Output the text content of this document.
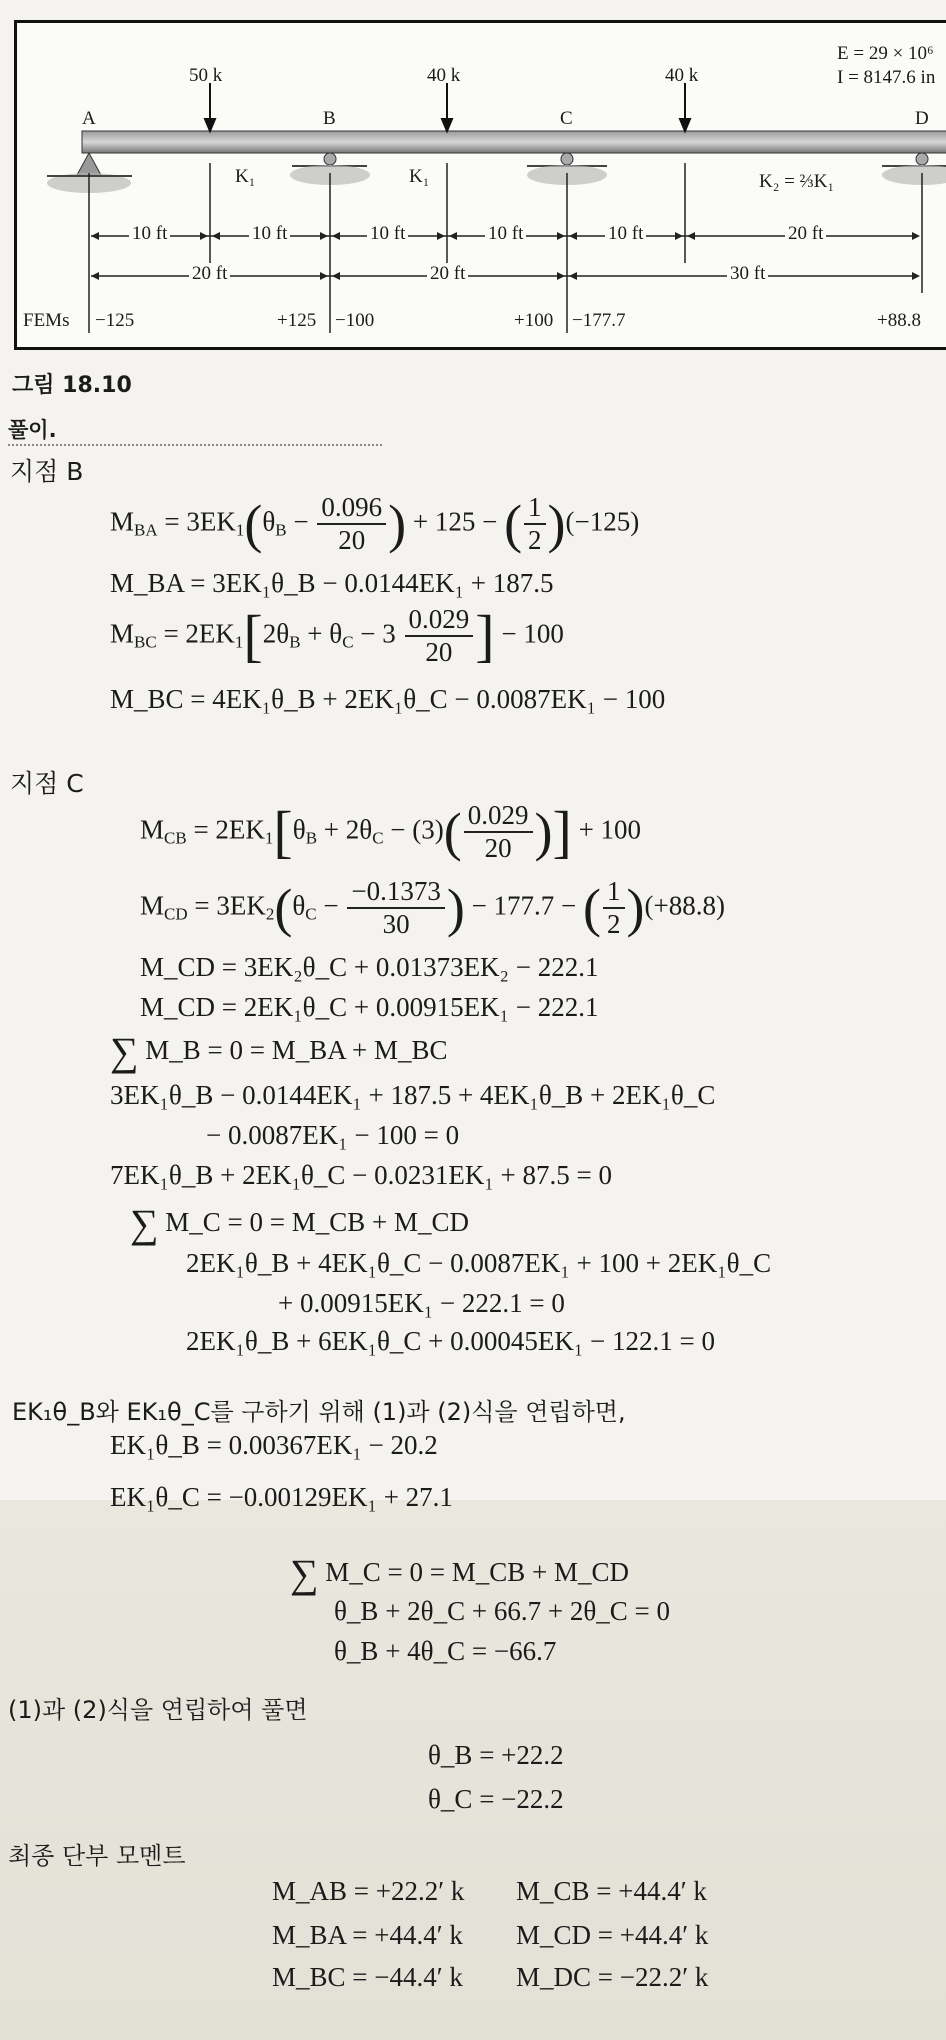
50 k	40 k	40 k
A	B	C	D
K₁	K₁	K₂ = ⅔K₁
E = 29 × 10⁶
I = 8147.6 in
10 ft	10 ft	10 ft	10 ft	10 ft	20 ft
20 ft	20 ft	30 ft
FEMs −125	+125 −100	+100 −177.7	+88.8
그림 18.10
풀이.
지점 B
$M_{BA} = 3EK_1(\theta_B - \frac{0.096}{20}$ ) + 125 − ( $\frac{1}{2} )(-125)$
M_BA = 3EK₁θ_B − 0.0144EK₁ + 187.5
$M_{BC} = 2EK_1[2\theta_B + \theta_C - 3 \frac{0.029}{20}$ ] − 100
M_BC = 4EK₁θ_B + 2EK₁θ_C − 0.0087EK₁ − 100
지점 C
$M_{CB} = 2EK_1[\theta_B + 2\theta_C - (3)( \frac{0.029}{20}$ )] + 100
$M_{CD} = 3EK_2(\theta_C - \frac{-0.1373}{30}$ ) − 177.7 − ( $\frac{1}{2} )(+88.8)$
M_CD = 3EK₂θ_C + 0.01373EK₂ − 222.1
M_CD = 2EK₁θ_C + 0.00915EK₁ − 222.1
∑ M_B = 0 = M_BA + M_BC
3EK₁θ_B − 0.0144EK₁ + 187.5 + 4EK₁θ_B + 2EK₁θ_C
− 0.0087EK₁ − 100 = 0
7EK₁θ_B + 2EK₁θ_C − 0.0231EK₁ + 87.5 = 0
∑ M_C = 0 = M_CB + M_CD
2EK₁θ_B + 4EK₁θ_C − 0.0087EK₁ + 100 + 2EK₁θ_C
+ 0.00915EK₁ − 222.1 = 0
2EK₁θ_B + 6EK₁θ_C + 0.00045EK₁ − 122.1 = 0
EK₁θ_B와 EK₁θ_C를 구하기 위해 (1)과 (2)식을 연립하면,
EK₁θ_B = 0.00367EK₁ − 20.2
EK₁θ_C = −0.00129EK₁ + 27.1
∑ M_C = 0 = M_CB + M_CD
θ_B + 2θ_C + 66.7 + 2θ_C = 0
θ_B + 4θ_C = −66.7
(1)과 (2)식을 연립하여 풀면
θ_B = +22.2
θ_C = −22.2
최종 단부 모멘트
M_AB = +22.2′ k M_CB = +44.4′ k
M_BA = +44.4′ k M_CD = +44.4′ k
M_BC = −44.4′ k M_DC = −22.2′ k
